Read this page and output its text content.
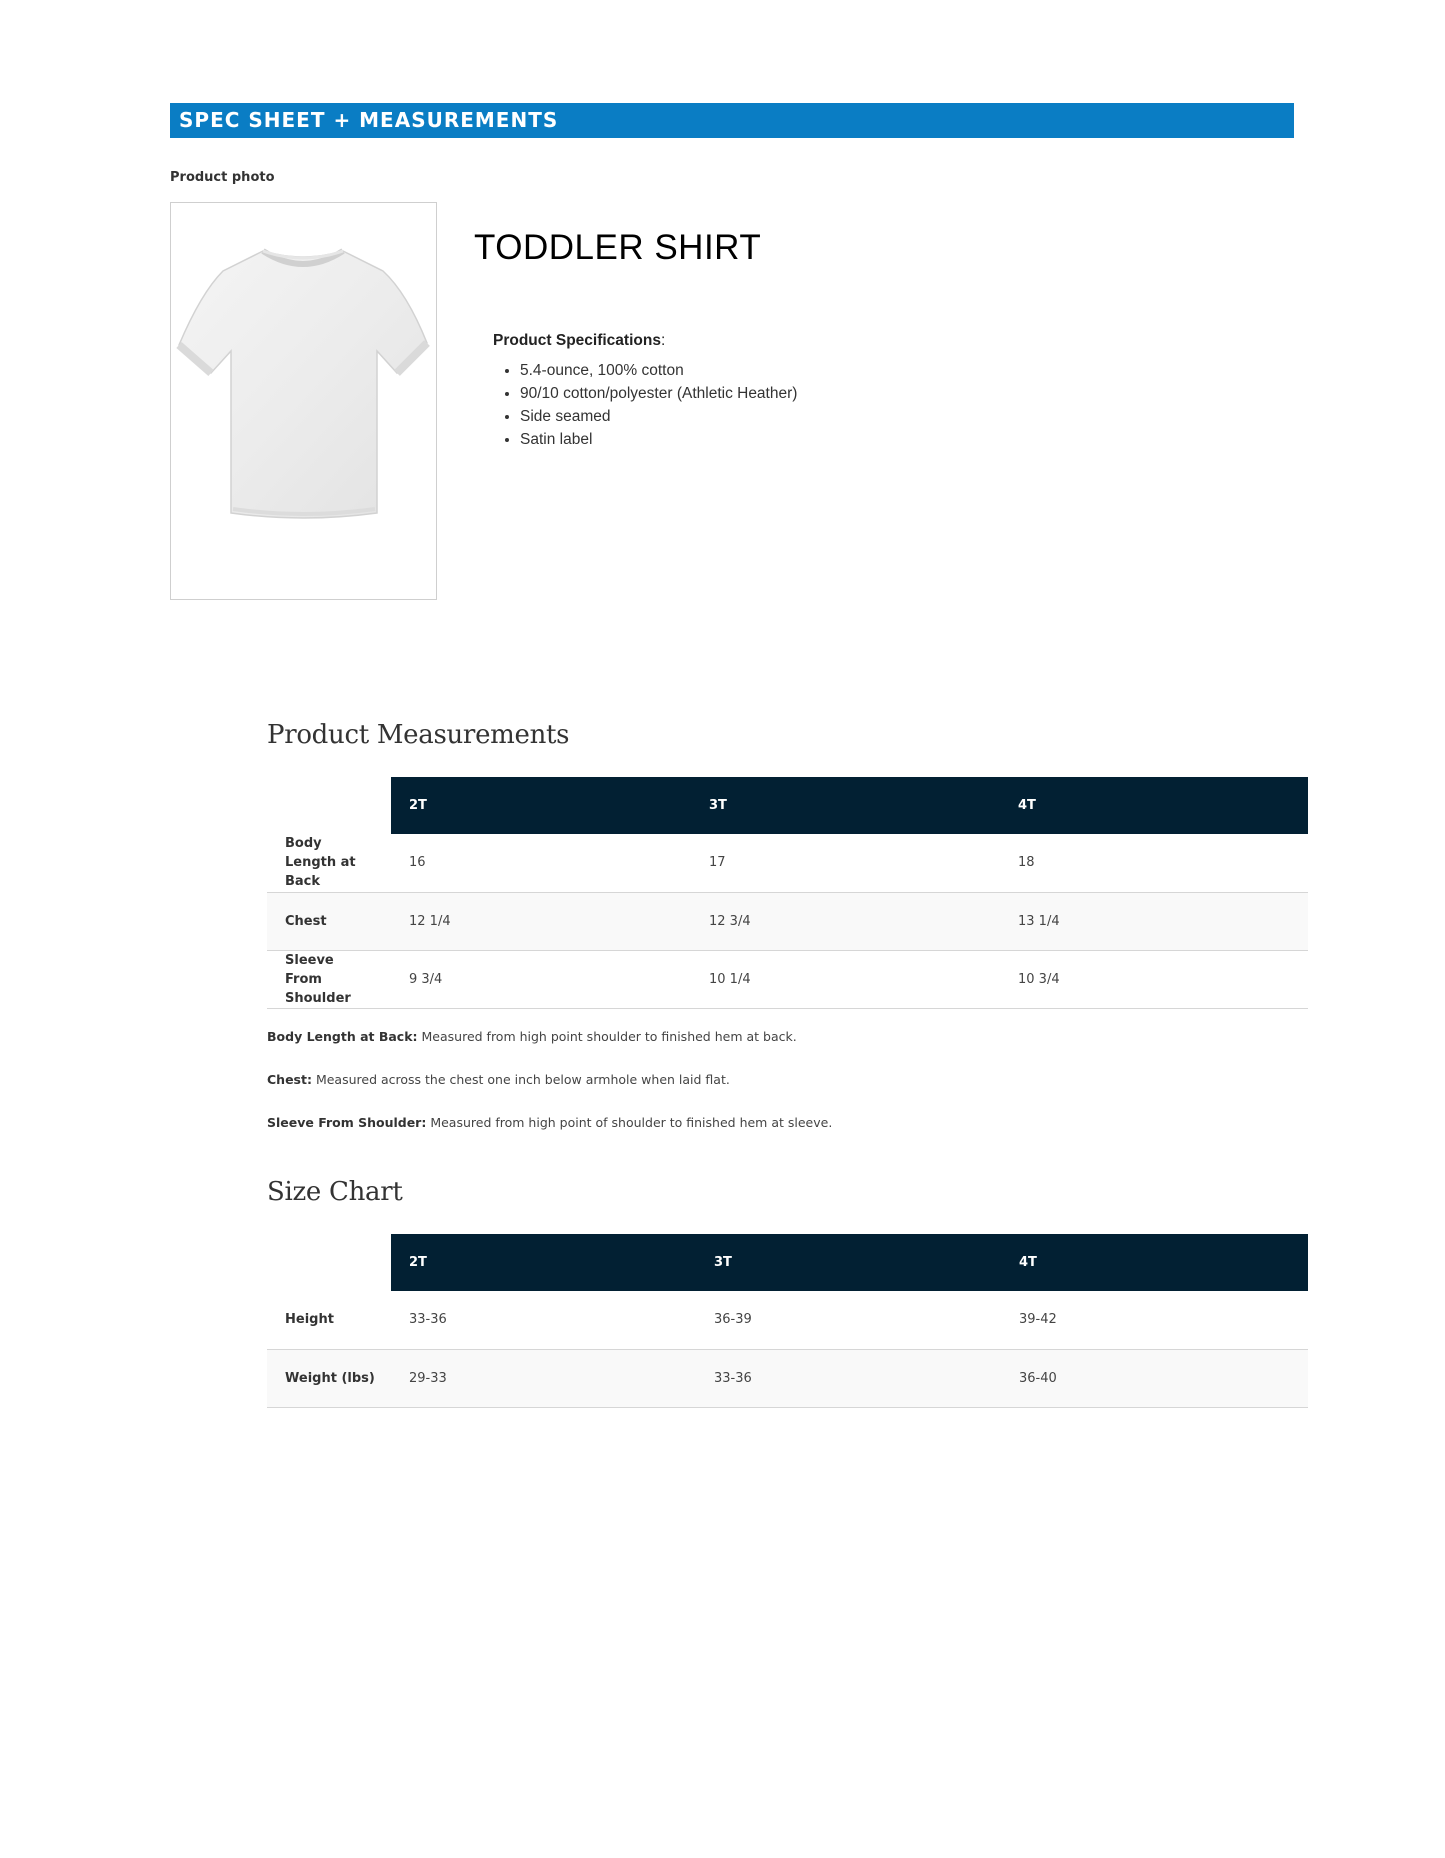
SPEC SHEET + MEASUREMENTS
Product photo
TODDLER SHIRT
Product Specifications:
• 5.4-ounce, 100% cotton
• 90/10 cotton/polyester (Athletic Heather)
• Side seamed
• Satin label
Product Measurements
	2T	3T	4T
Body Length at Back	16	17	18
Chest	12 1/4	12 3/4	13 1/4
Sleeve From Shoulder	9 3/4	10 1/4	10 3/4
Body Length at Back: Measured from high point shoulder to finished hem at back.
Chest: Measured across the chest one inch below armhole when laid flat.
Sleeve From Shoulder: Measured from high point of shoulder to finished hem at sleeve.
Size Chart
	2T	3T	4T
Height	33-36	36-39	39-42
Weight (lbs)	29-33	33-36	36-40
